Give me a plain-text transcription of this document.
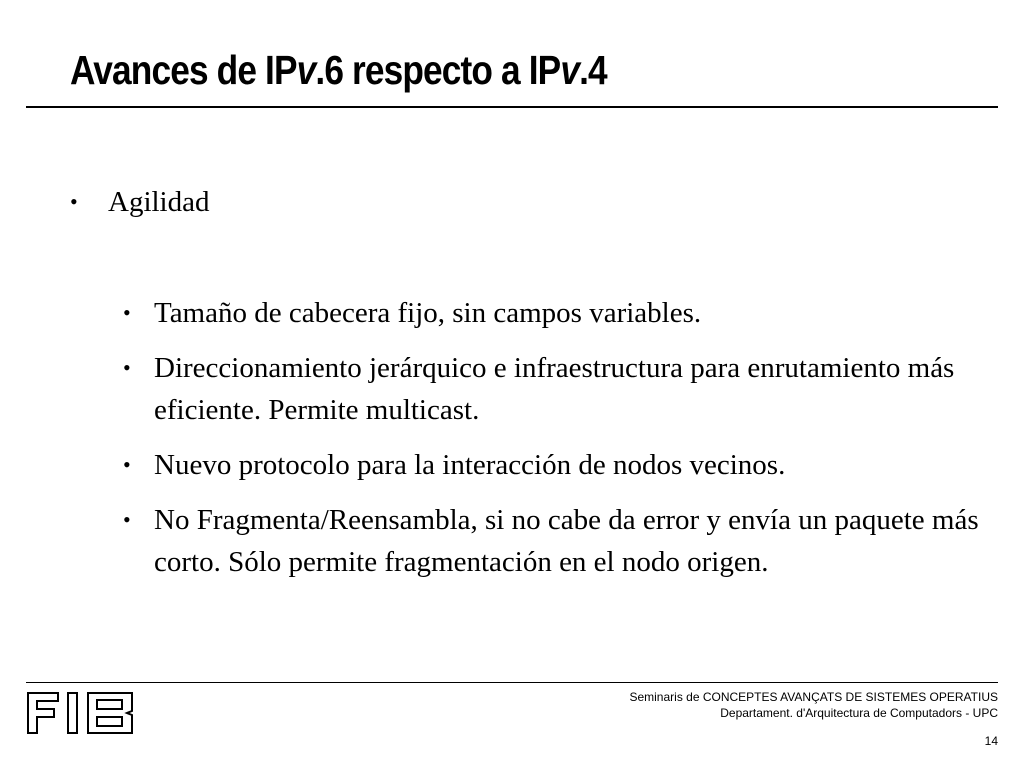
Avances de IPv.6 respecto a IPv.4
• Agilidad
• Tamaño de cabecera fijo, sin campos variables.
• Direccionamiento jerárquico e infraestructura para enrutamiento más eficiente. Permite multicast.
• Nuevo protocolo para la interacción de nodos vecinos.
• No Fragmenta/Reensambla, si no cabe da error y envía un paquete más corto. Sólo permite fragmentación en el nodo origen.
Seminaris de CONCEPTES AVANÇATS DE SISTEMES OPERATIUS
Departament. d'Arquitectura de Computadors - UPC
14
